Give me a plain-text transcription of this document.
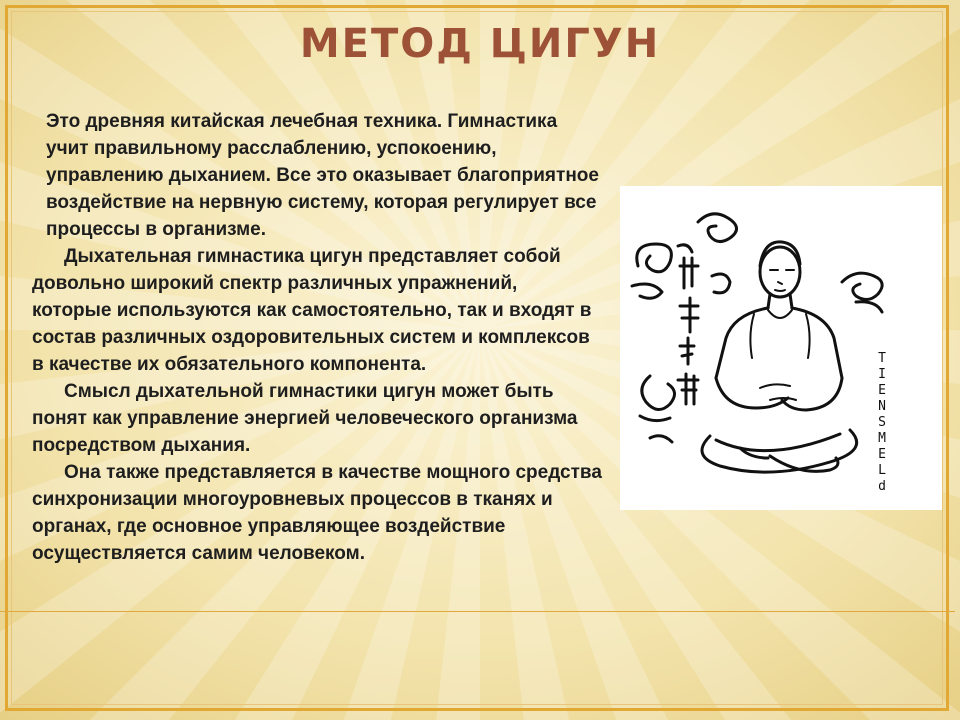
МЕТОД ЦИГУН

Это древняя китайская лечебная техника. Гимнастика учит правильному расслаблению, успокоению, управлению дыханием. Все это оказывает благоприятное воздействие на нервную систему, которая регулирует все процессы в организме.

Дыхательная гимнастика цигун представляет собой довольно широкий спектр различных упражнений, которые используются как самостоятельно, так и входят в состав различных оздоровительных систем и комплексов в качестве их обязательного компонента.

Смысл дыхательной гимнастики цигун может быть понят как управление энергией человеческого организма посредством дыхания.

Она также представляется в качестве мощного средства синхронизации многоуровневых процессов в тканях и органах, где основное управляющее воздействие осуществляется самим человеком.

T
I
E
N
S
M
E
L
d
